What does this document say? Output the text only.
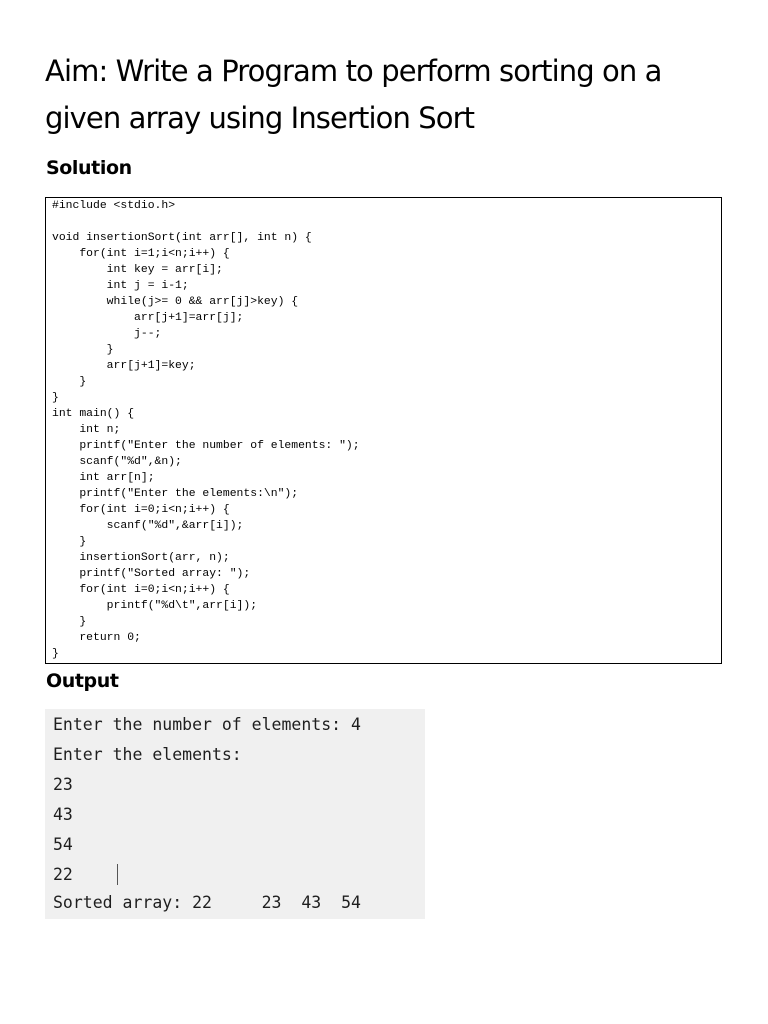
Aim: Write a Program to perform sorting on a
given array using Insertion Sort
Solution
#include <stdio.h>
void insertionSort(int arr[], int n) {
for(int i=1;i<n;i++) {
int key = arr[i];
int j = i-1;
while(j>= 0 && arr[j]>key) {
arr[j+1]=arr[j];
j--;
}
arr[j+1]=key;
}
}
int main() {
int n;
printf("Enter the number of elements: ");
scanf("%d",&n);
int arr[n];
printf("Enter the elements:\n");
for(int i=0;i<n;i++) {
scanf("%d",&arr[i]);
}
insertionSort(arr, n);
printf("Sorted array: ");
for(int i=0;i<n;i++) {
printf("%d\t",arr[i]);
}
return 0;
}
Output
Enter the number of elements: 4
Enter the elements:
23
43
54
22
Sorted array: 22     23  43  54
